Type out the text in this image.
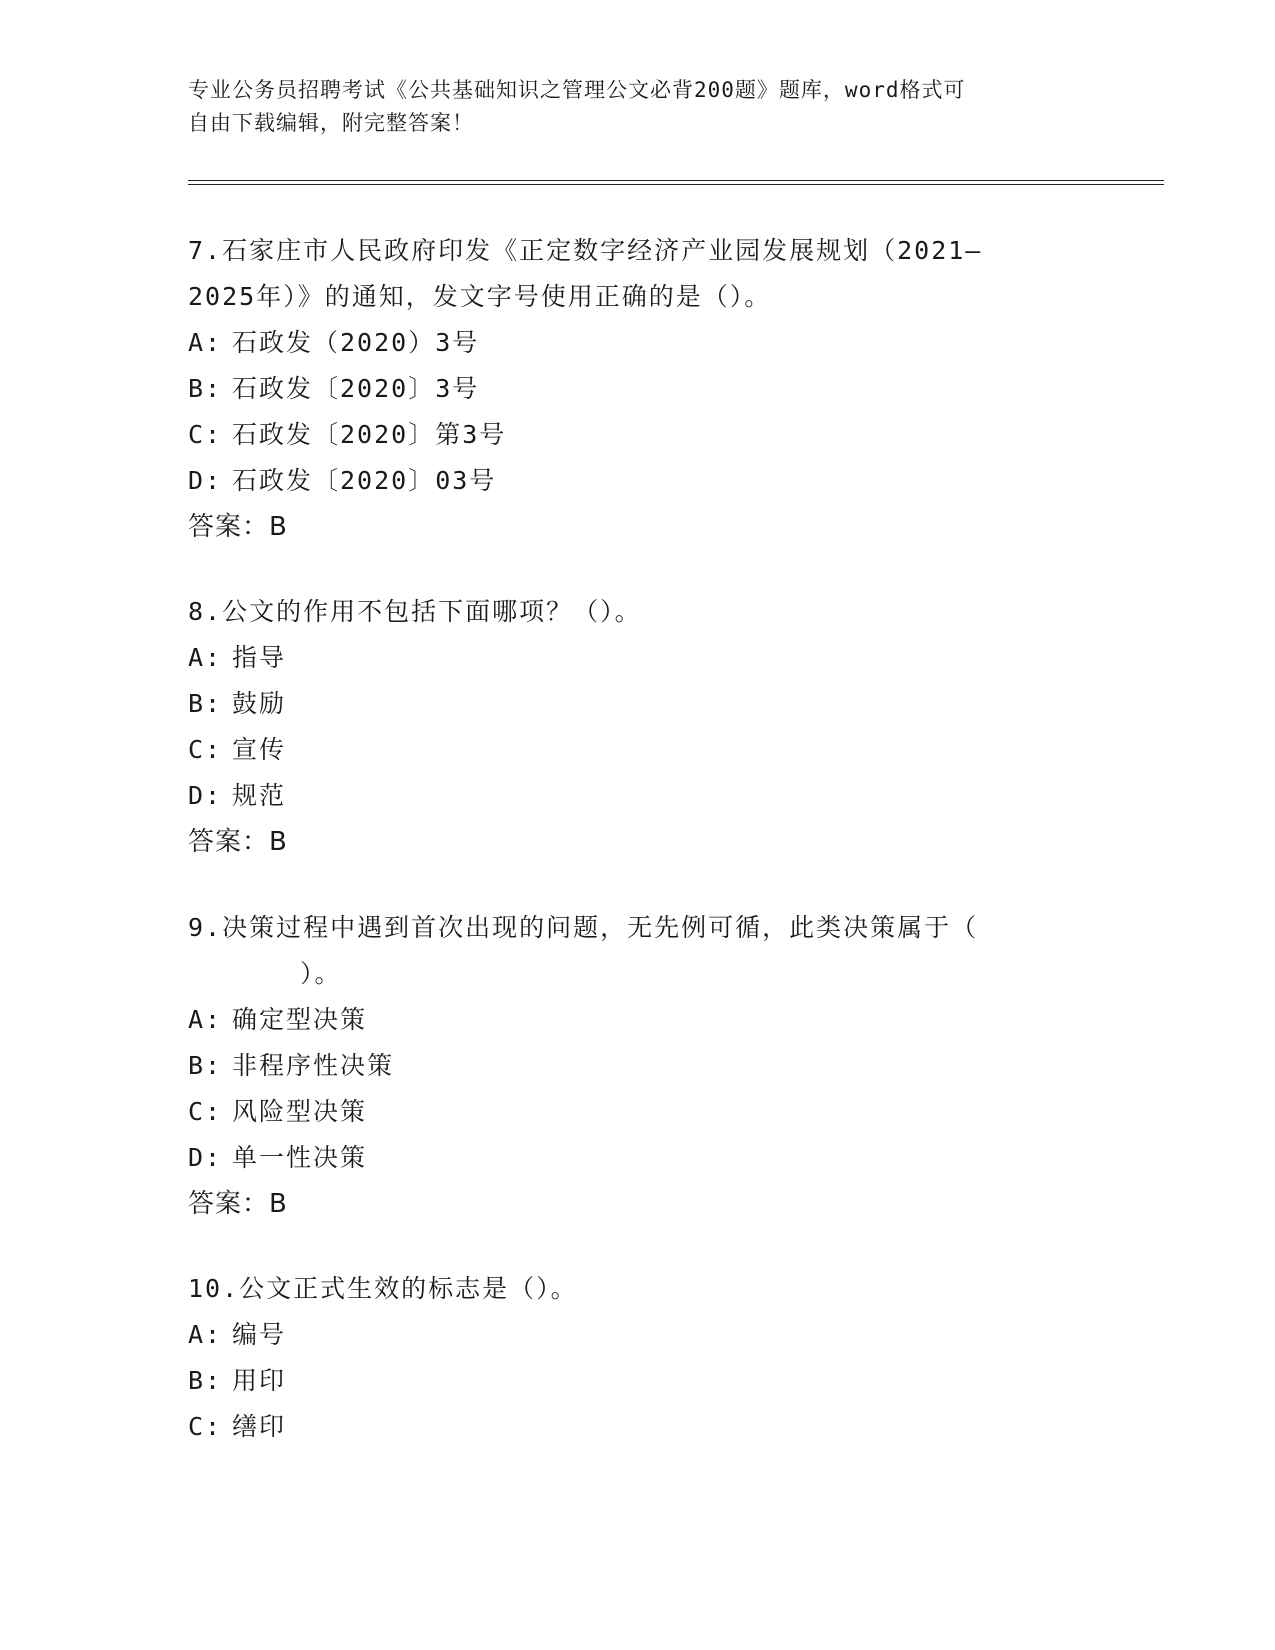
专业公务员招聘考试《公共基础知识之管理公文必背200题》题库，word格式可
自由下载编辑，附完整答案！
7.石家庄市人民政府印发《正定数字经济产业园发展规划（2021—
2025年）》的通知，发文字号使用正确的是（）。
A: 石政发（2020）3号
B: 石政发〔2020〕3号
C: 石政发〔2020〕第3号
D: 石政发〔2020〕03号
答案：B
8.公文的作用不包括下面哪项？（）。
A: 指导
B: 鼓励
C: 宣传
D: 规范
答案：B
9.决策过程中遇到首次出现的问题，无先例可循，此类决策属于（
）。
A: 确定型决策
B: 非程序性决策
C: 风险型决策
D: 单一性决策
答案：B
10.公文正式生效的标志是（）。
A: 编号
B: 用印
C: 缮印
